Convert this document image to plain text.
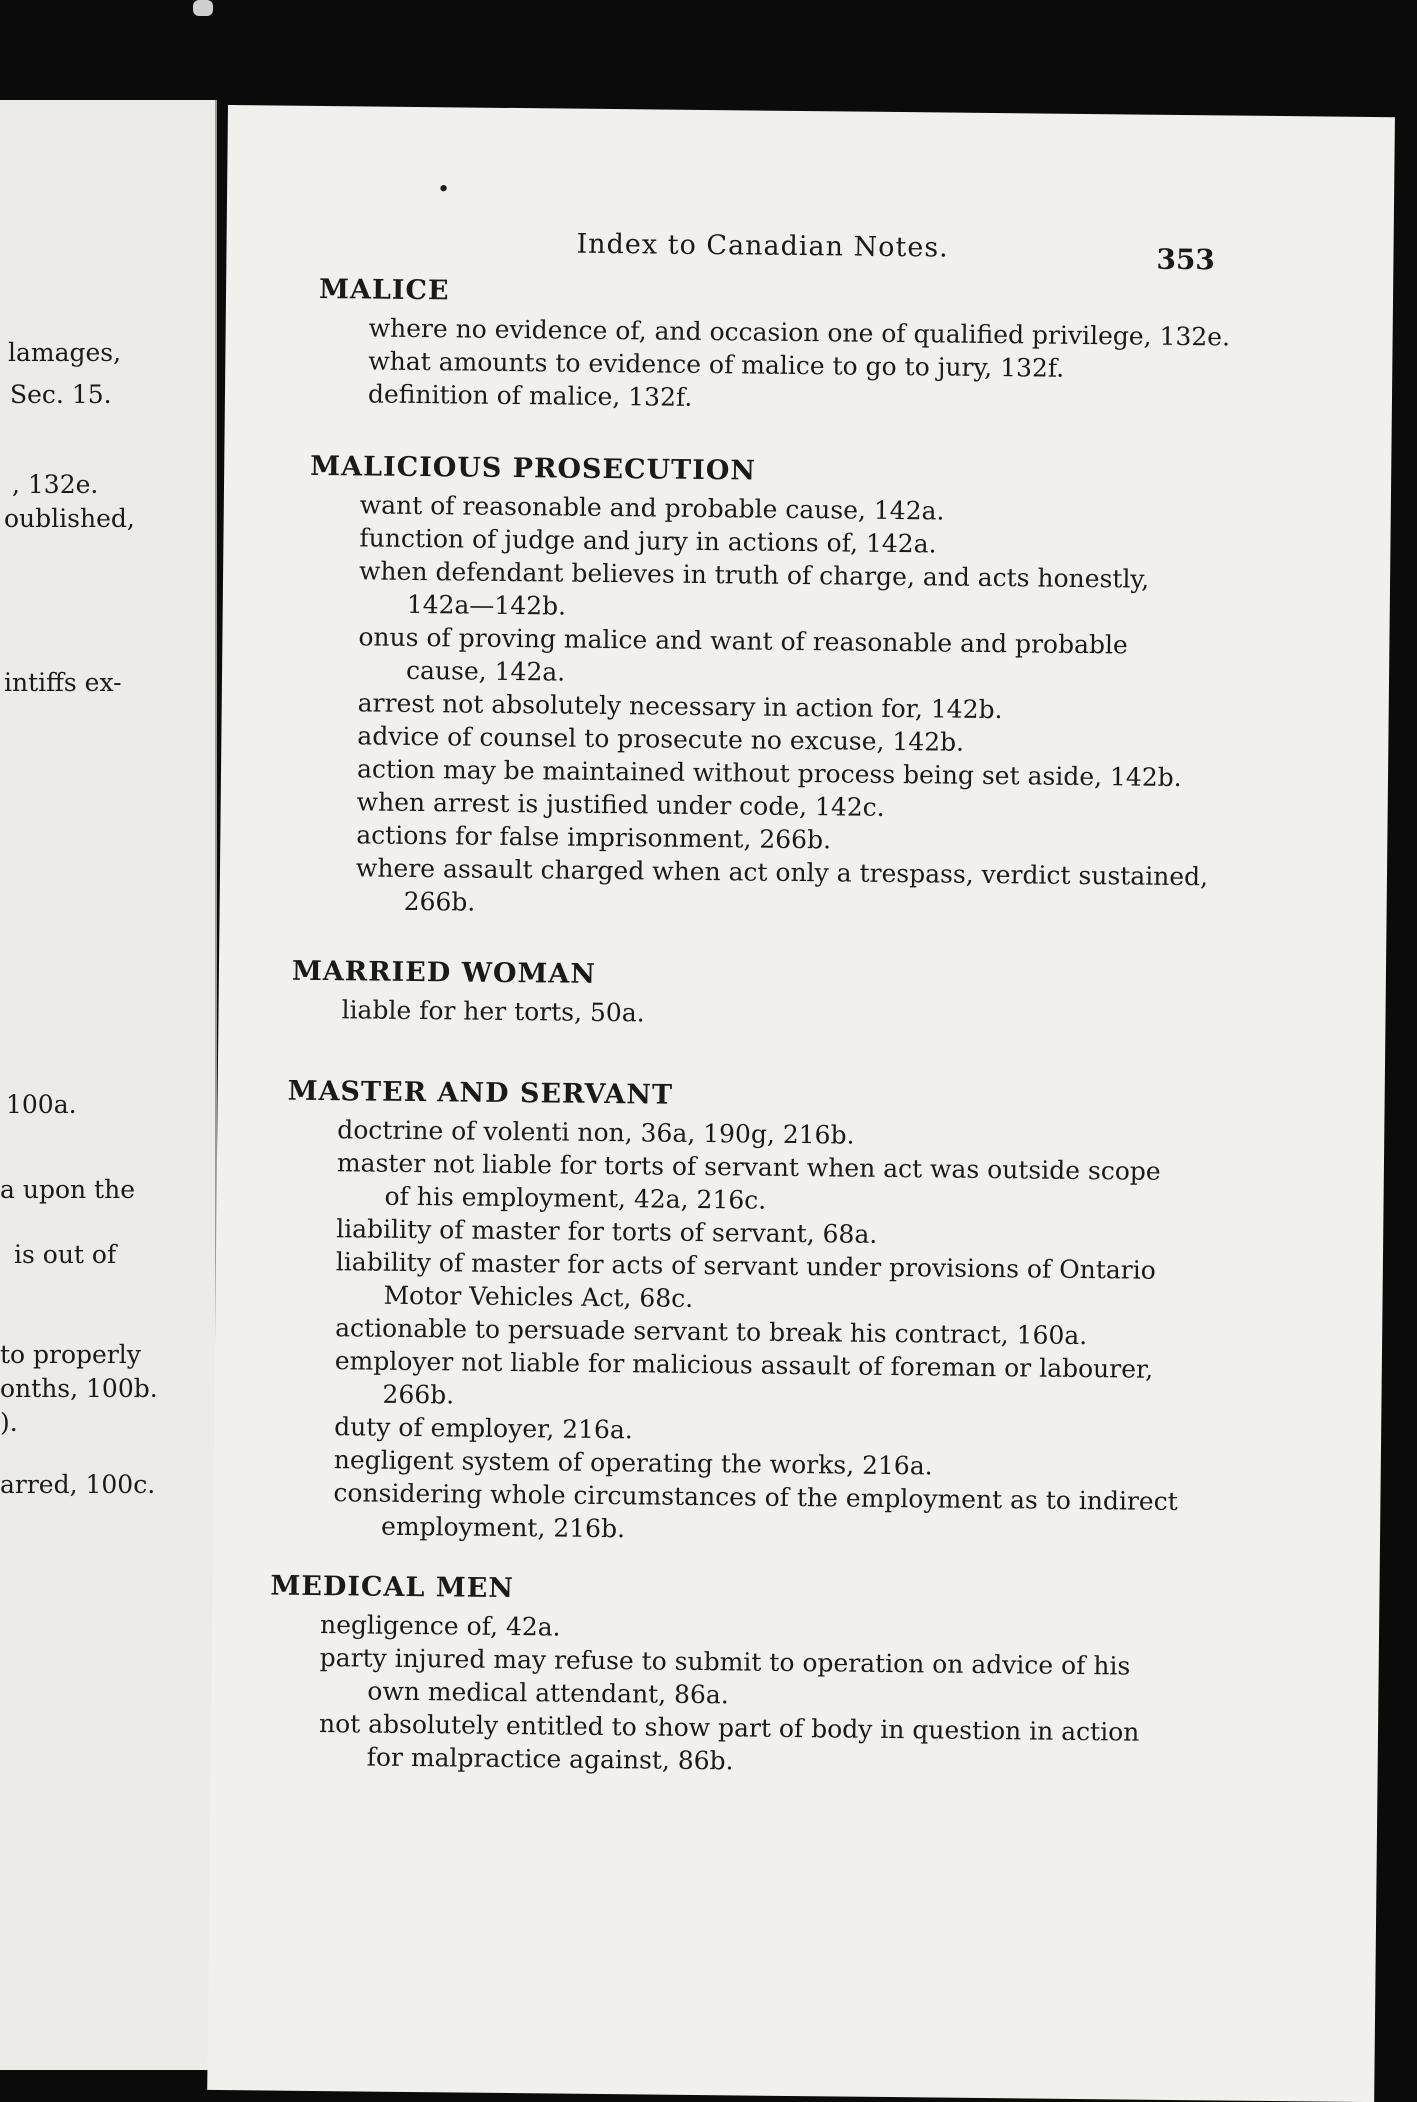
lamages,
Sec. 15.
, 132e.
oublished,
intiffs ex-
100a.
a upon the
is out of
to properly
onths, 100b.
).
arred, 100c.
Index to Canadian Notes.	353
•
MALICE
where no evidence of, and occasion one of qualified privilege, 132e.
what amounts to evidence of malice to go to jury, 132f.
definition of malice, 132f.
MALICIOUS PROSECUTION
want of reasonable and probable cause, 142a.
function of judge and jury in actions of, 142a.
when defendant believes in truth of charge, and acts honestly,
142a—142b.
onus of proving malice and want of reasonable and probable
cause, 142a.
arrest not absolutely necessary in action for, 142b.
advice of counsel to prosecute no excuse, 142b.
action may be maintained without process being set aside, 142b.
when arrest is justified under code, 142c.
actions for false imprisonment, 266b.
where assault charged when act only a trespass, verdict sustained,
266b.
MARRIED WOMAN
liable for her torts, 50a.
MASTER AND SERVANT
doctrine of volenti non, 36a, 190g, 216b.
master not liable for torts of servant when act was outside scope
of his employment, 42a, 216c.
liability of master for torts of servant, 68a.
liability of master for acts of servant under provisions of Ontario
Motor Vehicles Act, 68c.
actionable to persuade servant to break his contract, 160a.
employer not liable for malicious assault of foreman or labourer,
266b.
duty of employer, 216a.
negligent system of operating the works, 216a.
considering whole circumstances of the employment as to indirect
employment, 216b.
MEDICAL MEN
negligence of, 42a.
party injured may refuse to submit to operation on advice of his
own medical attendant, 86a.
not absolutely entitled to show part of body in question in action
for malpractice against, 86b.
